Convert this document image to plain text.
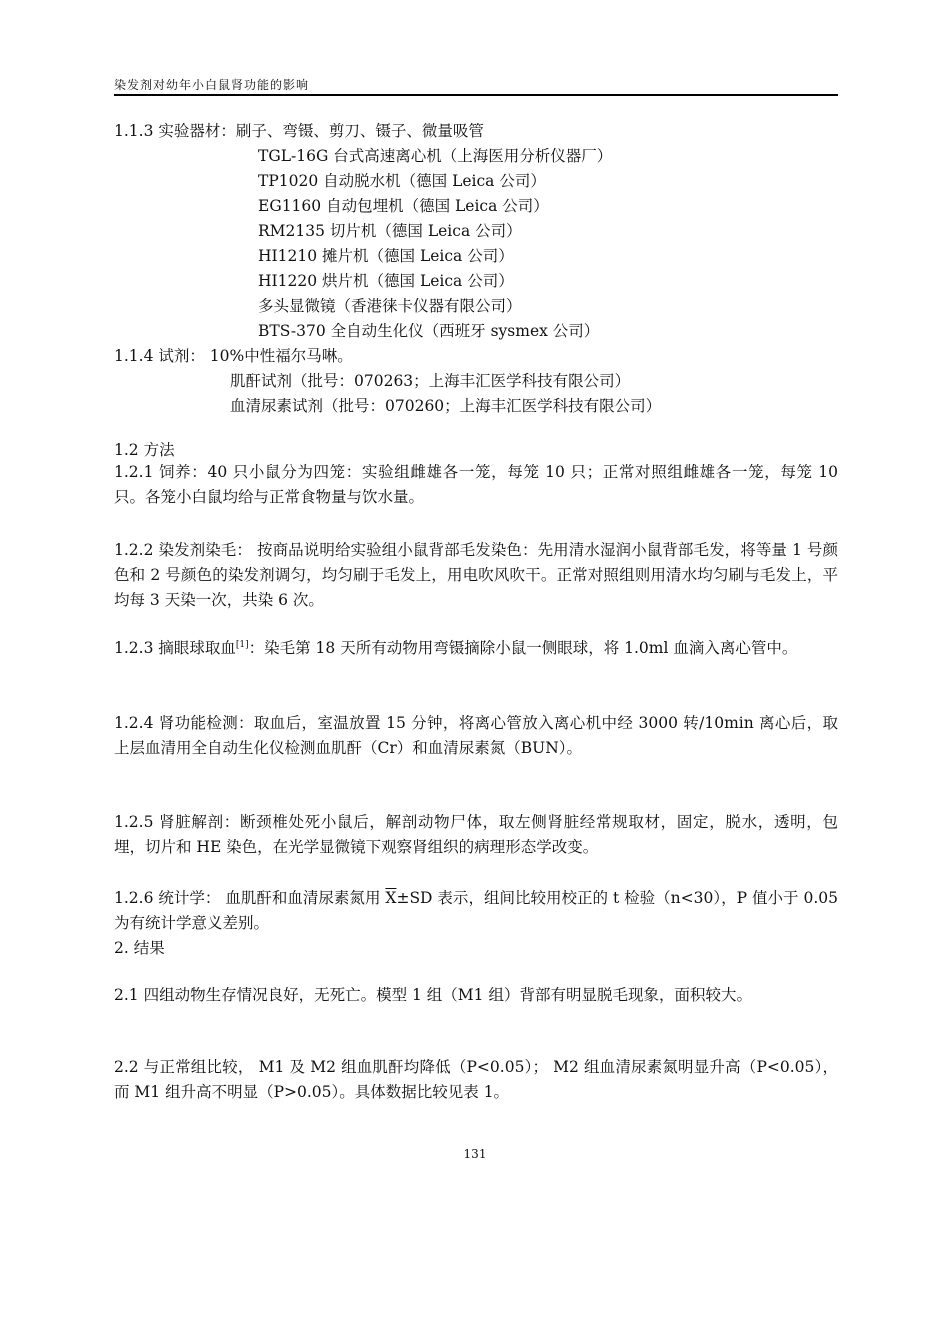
染发剂对幼年小白鼠肾功能的影响
1.1.3 实验器材：刷子、弯镊、剪刀、镊子、微量吸管
TGL-16G 台式高速离心机（上海医用分析仪器厂）
TP1020 自动脱水机（德国 Leica 公司）
EG1160 自动包埋机（德国 Leica 公司）
RM2135 切片机（德国 Leica 公司）
HI1210 摊片机（德国 Leica 公司）
HI1220 烘片机（德国 Leica 公司）
多头显微镜（香港徕卡仪器有限公司）
BTS-370 全自动生化仪（西班牙 sysmex 公司）
1.1.4 试剂： 10%中性福尔马啉。
肌酐试剂（批号：070263；上海丰汇医学科技有限公司）
血清尿素试剂（批号：070260；上海丰汇医学科技有限公司）
1.2 方法
1.2.1 饲养：40 只小鼠分为四笼：实验组雌雄各一笼，每笼 10 只；正常对照组雌雄各一笼，每笼 10 只。各笼小白鼠均给与正常食物量与饮水量。
1.2.2 染发剂染毛： 按商品说明给实验组小鼠背部毛发染色：先用清水湿润小鼠背部毛发，将等量 1 号颜色和 2 号颜色的染发剂调匀，均匀刷于毛发上，用电吹风吹干。正常对照组则用清水均匀刷与毛发上，平均每 3 天染一次，共染 6 次。
1.2.3 摘眼球取血[1]：染毛第 18 天所有动物用弯镊摘除小鼠一侧眼球，将 1.0ml 血滴入离心管中。
1.2.4 肾功能检测：取血后，室温放置 15 分钟，将离心管放入离心机中经 3000 转/10min 离心后，取上层血清用全自动生化仪检测血肌酐（Cr）和血清尿素氮（BUN）。
1.2.5 肾脏解剖：断颈椎处死小鼠后，解剖动物尸体，取左侧肾脏经常规取材，固定，脱水，透明，包埋，切片和 HE 染色，在光学显微镜下观察肾组织的病理形态学改变。
1.2.6 统计学： 血肌酐和血清尿素氮用 $\overline{X}\pm SD$ 表示，组间比较用校正的 t 检验（n<30），P 值小于 0.05 为有统计学意义差别。
2. 结果
2.1 四组动物生存情况良好，无死亡。模型 1 组（M1 组）背部有明显脱毛现象，面积较大。
2.2 与正常组比较， M1 及 M2 组血肌酐均降低（P<0.05）； M2 组血清尿素氮明显升高（P<0.05），而 M1 组升高不明显（P>0.05）。具体数据比较见表 1。
131
